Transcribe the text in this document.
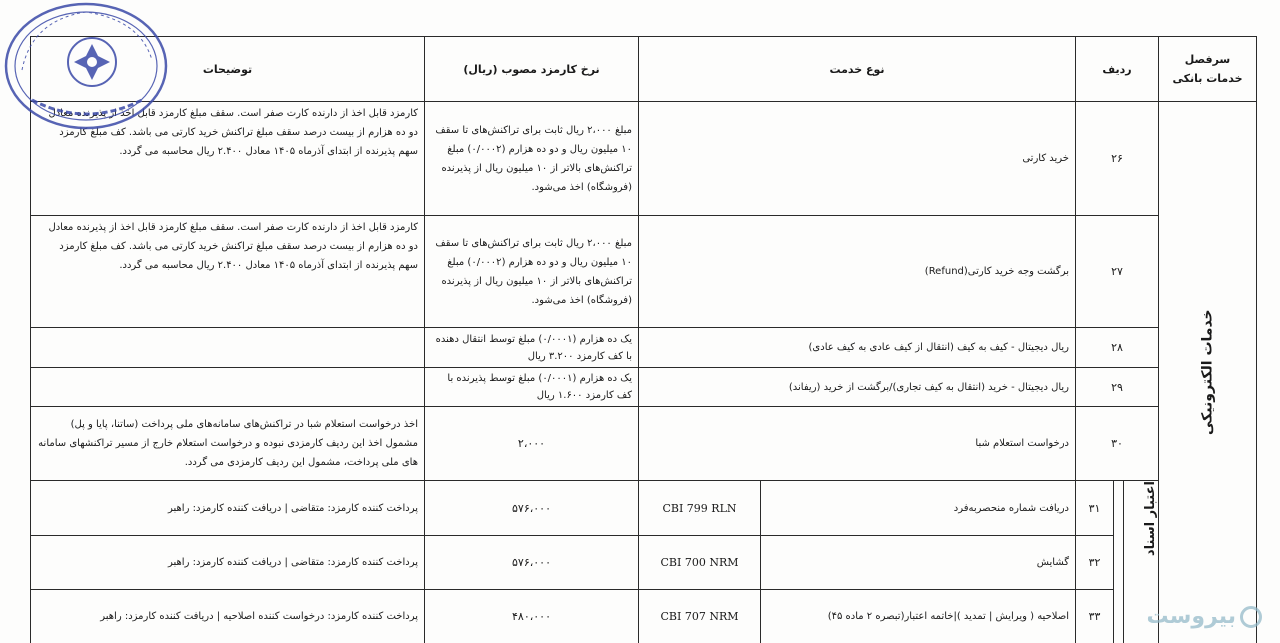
سرفصل خدمات بانکی
ردیف
نوع خدمت
نرخ کارمزد مصوب (ریال)
توضیحات
خدمات الکترونیکی
اعتبار اسناد
۲۶
خرید کارتی
مبلغ ۲،۰۰۰ ریال ثابت برای تراکنش‌های تا سقف ۱۰ میلیون ریال و دو ده هزارم (۰/۰۰۰۲) مبلغ تراکنش‌های بالاتر از ۱۰ میلیون ریال از پذیرنده (فروشگاه) اخذ می‌شود.
کارمزد قابل اخذ از دارنده کارت صفر است. سقف مبلغ کارمزد قابل اخذ از پذیرنده معادل دو ده هزارم از بیست درصد سقف مبلغ تراکنش خرید کارتی می باشد. کف مبلغ کارمزد سهم پذیرنده از ابتدای آذرماه ۱۴۰۵ معادل ۲.۴۰۰ ریال محاسبه می گردد.
۲۷
برگشت وجه خرید کارتی(Refund)
مبلغ ۲،۰۰۰ ریال ثابت برای تراکنش‌های تا سقف ۱۰ میلیون ریال و دو ده هزارم (۰/۰۰۰۲) مبلغ تراکنش‌های بالاتر از ۱۰ میلیون ریال از پذیرنده (فروشگاه) اخذ می‌شود.
کارمزد قابل اخذ از دارنده کارت صفر است. سقف مبلغ کارمزد قابل اخذ از پذیرنده معادل دو ده هزارم از بیست درصد سقف مبلغ تراکنش خرید کارتی می باشد. کف مبلغ کارمزد سهم پذیرنده از ابتدای آذرماه ۱۴۰۵ معادل ۲.۴۰۰ ریال محاسبه می گردد.
۲۸
ریال دیجیتال - کیف به کیف (انتقال از کیف عادی به کیف عادی)
یک ده هزارم (۰/۰۰۰۱) مبلغ توسط انتقال دهنده با کف کارمزد ۳.۲۰۰ ریال
۲۹
ریال دیجیتال - خرید (انتقال به کیف تجاری)/برگشت از خرید (ریفاند)
یک ده هزارم (۰/۰۰۰۱) مبلغ توسط پذیرنده با کف کارمزد ۱.۶۰۰ ریال
۳۰
درخواست استعلام شبا
۲،۰۰۰
اخذ درخواست استعلام شبا در تراکنش‌های سامانه‌های ملی پرداخت (ساتنا، پایا و پل) مشمول اخذ این ردیف کارمزدی نبوده و درخواست استعلام خارج از مسیر تراکنشهای سامانه های ملی پرداخت، مشمول این ردیف کارمزدی می گردد.
۳۱
دریافت شماره منحصربه‌فرد
CBI 799 RLN
۵۷۶،۰۰۰
پرداخت کننده کارمزد: متقاضی | دریافت کننده کارمزد: راهبر
۳۲
گشایش
CBI 700 NRM
۵۷۶،۰۰۰
پرداخت کننده کارمزد: متقاضی | دریافت کننده کارمزد: راهبر
۳۳
اصلاحیه ( ویرایش | تمدید )|خاتمه اعتبار(تبصره ۲ ماده ۴۵)
CBI 707 NRM
۴۸۰،۰۰۰
پرداخت کننده کارمزد: درخواست کننده اصلاحیه | دریافت کننده کارمزد: راهبر	بیروست
